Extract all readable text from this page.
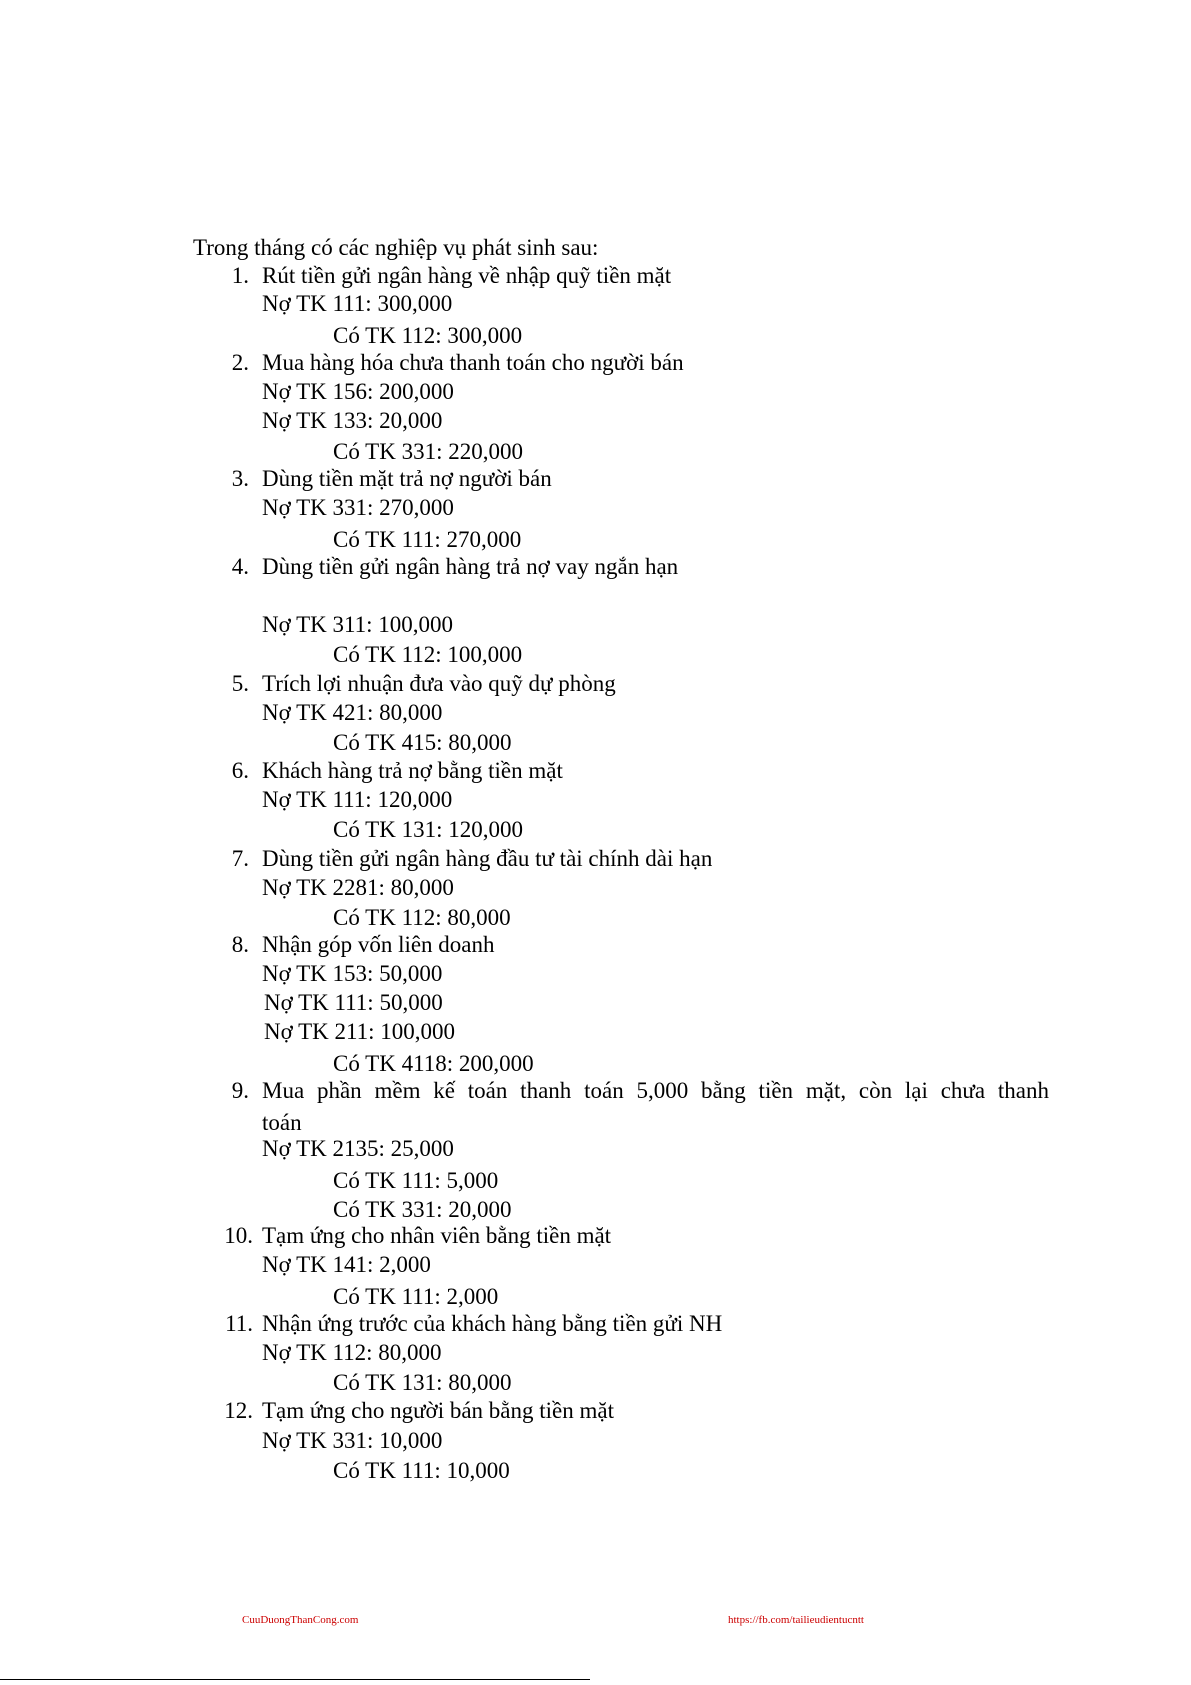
Trong tháng có các nghiệp vụ phát sinh sau:
1. Rút tiền gửi ngân hàng về nhập quỹ tiền mặt
Nợ TK 111: 300,000
Có TK 112: 300,000
2. Mua hàng hóa chưa thanh toán cho người bán
Nợ TK 156: 200,000
Nợ TK 133: 20,000
Có TK 331: 220,000
3. Dùng tiền mặt trả nợ người bán
Nợ TK 331: 270,000
Có TK 111: 270,000
4. Dùng tiền gửi ngân hàng trả nợ vay ngắn hạn
Nợ TK 311: 100,000
Có TK 112: 100,000
5. Trích lợi nhuận đưa vào quỹ dự phòng
Nợ TK 421: 80,000
Có TK 415: 80,000
6. Khách hàng trả nợ bằng tiền mặt
Nợ TK 111: 120,000
Có TK 131: 120,000
7. Dùng tiền gửi ngân hàng đầu tư tài chính dài hạn
Nợ TK 2281: 80,000
Có TK 112: 80,000
8. Nhận góp vốn liên doanh
Nợ TK 153: 50,000
Nợ TK 111: 50,000
Nợ TK 211: 100,000
Có TK 4118: 200,000
9. Mua phần mềm kế toán thanh toán 5,000 bằng tiền mặt, còn lại chưa thanh
toán
Nợ TK 2135: 25,000
Có TK 111: 5,000
Có TK 331: 20,000
10. Tạm ứng cho nhân viên bằng tiền mặt
Nợ TK 141: 2,000
Có TK 111: 2,000
11. Nhận ứng trước của khách hàng bằng tiền gửi NH
Nợ TK 112: 80,000
Có TK 131: 80,000
12. Tạm ứng cho người bán bằng tiền mặt
Nợ TK 331: 10,000
Có TK 111: 10,000
CuuDuongThanCong.com	https://fb.com/tailieudientucntt
